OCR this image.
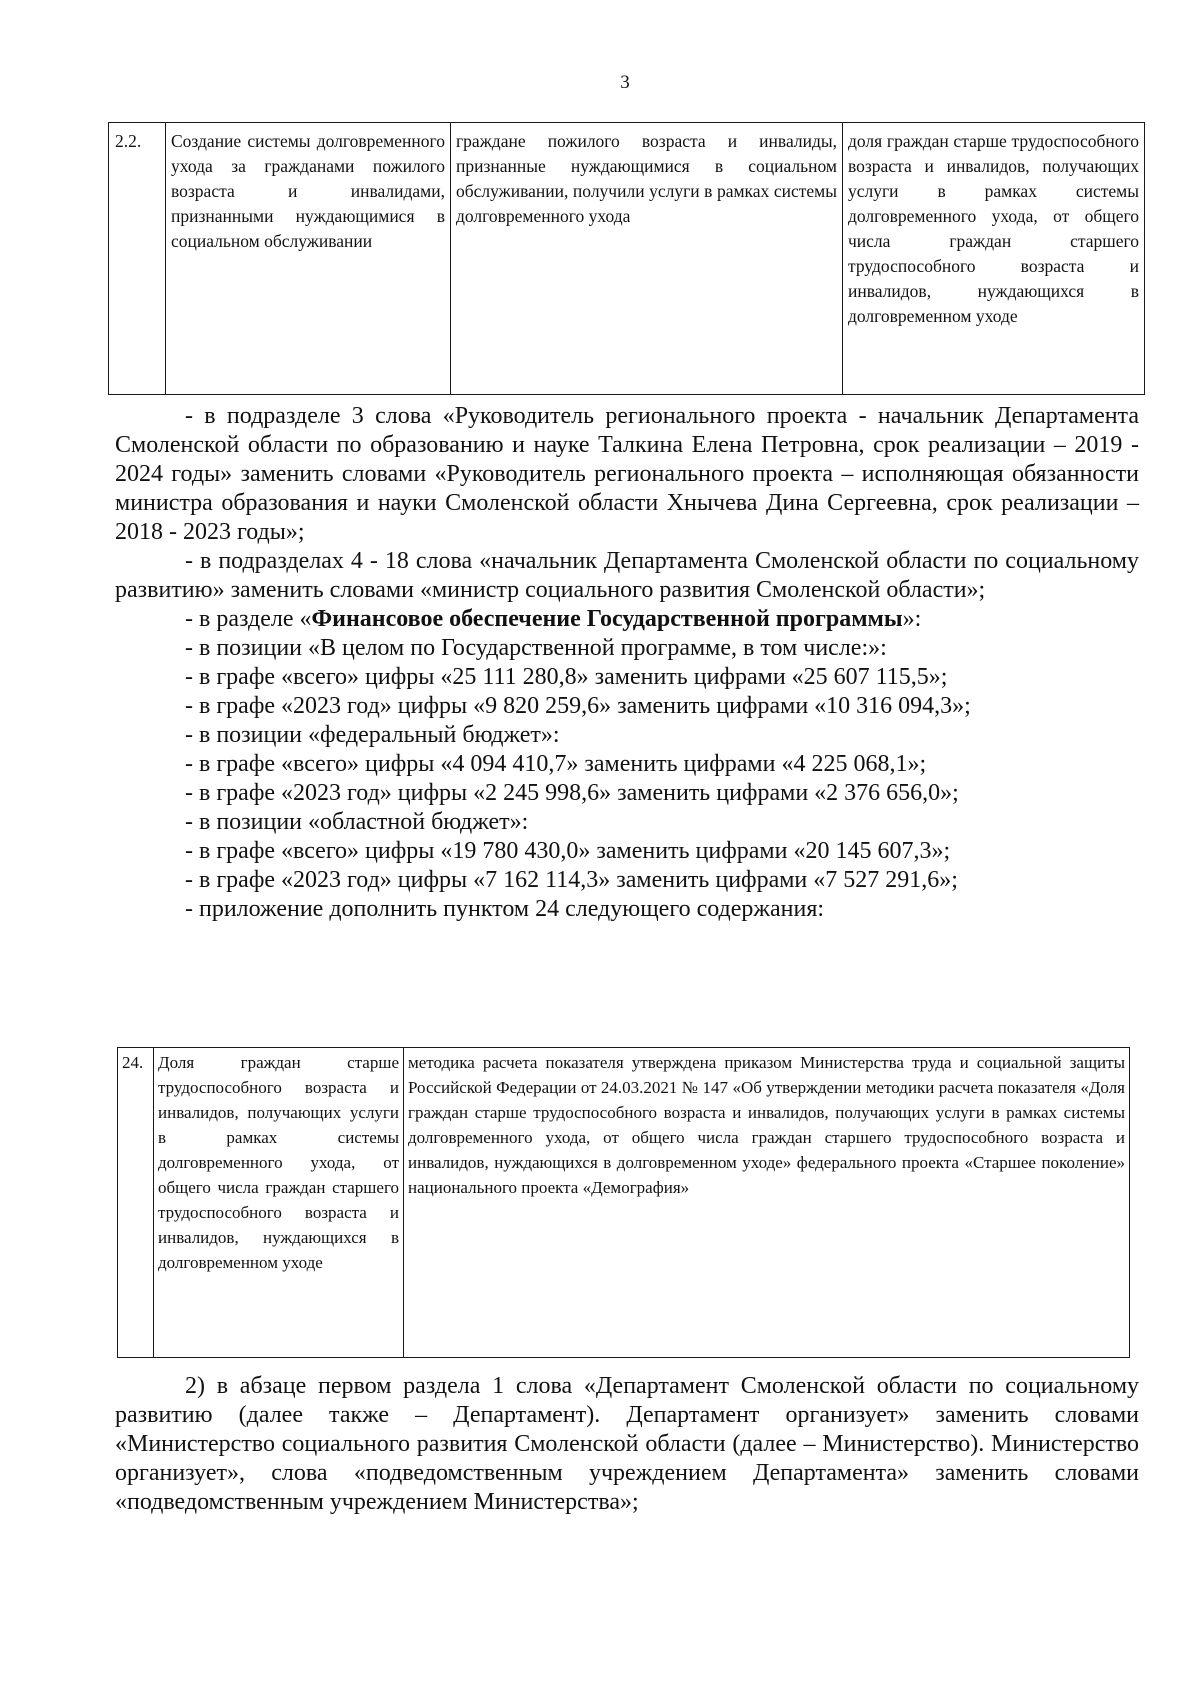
3
2.2.	Создание системы долговременного ухода за гражданами пожилого возраста и инвалидами, признанными нуждающимися в социальном обслуживании	граждане пожилого возраста и инвалиды, признанные нуждающимися в социальном обслуживании, получили услуги в рамках системы долговременного ухода	доля граждан старше трудоспособного возраста и инвалидов, получающих услуги в рамках системы долговременного ухода, от общего числа граждан старшего трудоспособного возраста и инвалидов, нуждающихся в долговременном уходе

- в подразделе 3 слова «Руководитель регионального проекта - начальник Департамента Смоленской области по образованию и науке Талкина Елена Петровна, срок реализации – 2019 - 2024 годы» заменить словами «Руководитель регионального проекта – исполняющая обязанности министра образования и науки Смоленской области Хнычева Дина Сергеевна, срок реализации – 2018 - 2023 годы»;

- в подразделах 4 - 18 слова «начальник Департамента Смоленской области по социальному развитию» заменить словами «министр социального развития Смоленской области»;

- в разделе «Финансовое обеспечение Государственной программы»:

- в позиции «В целом по Государственной программе, в том числе:»:

- в графе «всего» цифры «25 111 280,8» заменить цифрами «25 607 115,5»;

- в графе «2023 год» цифры «9 820 259,6» заменить цифрами «10 316 094,3»;

- в позиции «федеральный бюджет»:

- в графе «всего» цифры «4 094 410,7» заменить цифрами «4 225 068,1»;

- в графе «2023 год» цифры «2 245 998,6» заменить цифрами «2 376 656,0»;

- в позиции «областной бюджет»:

- в графе «всего» цифры «19 780 430,0» заменить цифрами «20 145 607,3»;

- в графе «2023 год» цифры «7 162 114,3» заменить цифрами «7 527 291,6»;

- приложение дополнить пунктом 24 следующего содержания:

24.	Доля граждан старше трудоспособного возраста и инвалидов, получающих услуги в рамках системы долговременного ухода, от общего числа граждан старшего трудоспособного возраста и инвалидов, нуждающихся в долговременном уходе	методика расчета показателя утверждена приказом Министерства труда и социальной защиты Российской Федерации от 24.03.2021 № 147 «Об утверждении методики расчета показателя «Доля граждан старше трудоспособного возраста и инвалидов, получающих услуги в рамках системы долговременного ухода, от общего числа граждан старшего трудоспособного возраста и инвалидов, нуждающихся в долговременном уходе» федерального проекта «Старшее поколение» национального проекта «Демография»

2) в абзаце первом раздела 1 слова «Департамент Смоленской области по социальному развитию (далее также – Департамент). Департамент организует» заменить словами «Министерство социального развития Смоленской области (далее – Министерство). Министерство организует», слова «подведомственным учреждением Департамента» заменить словами «подведомственным учреждением Министерства»;
